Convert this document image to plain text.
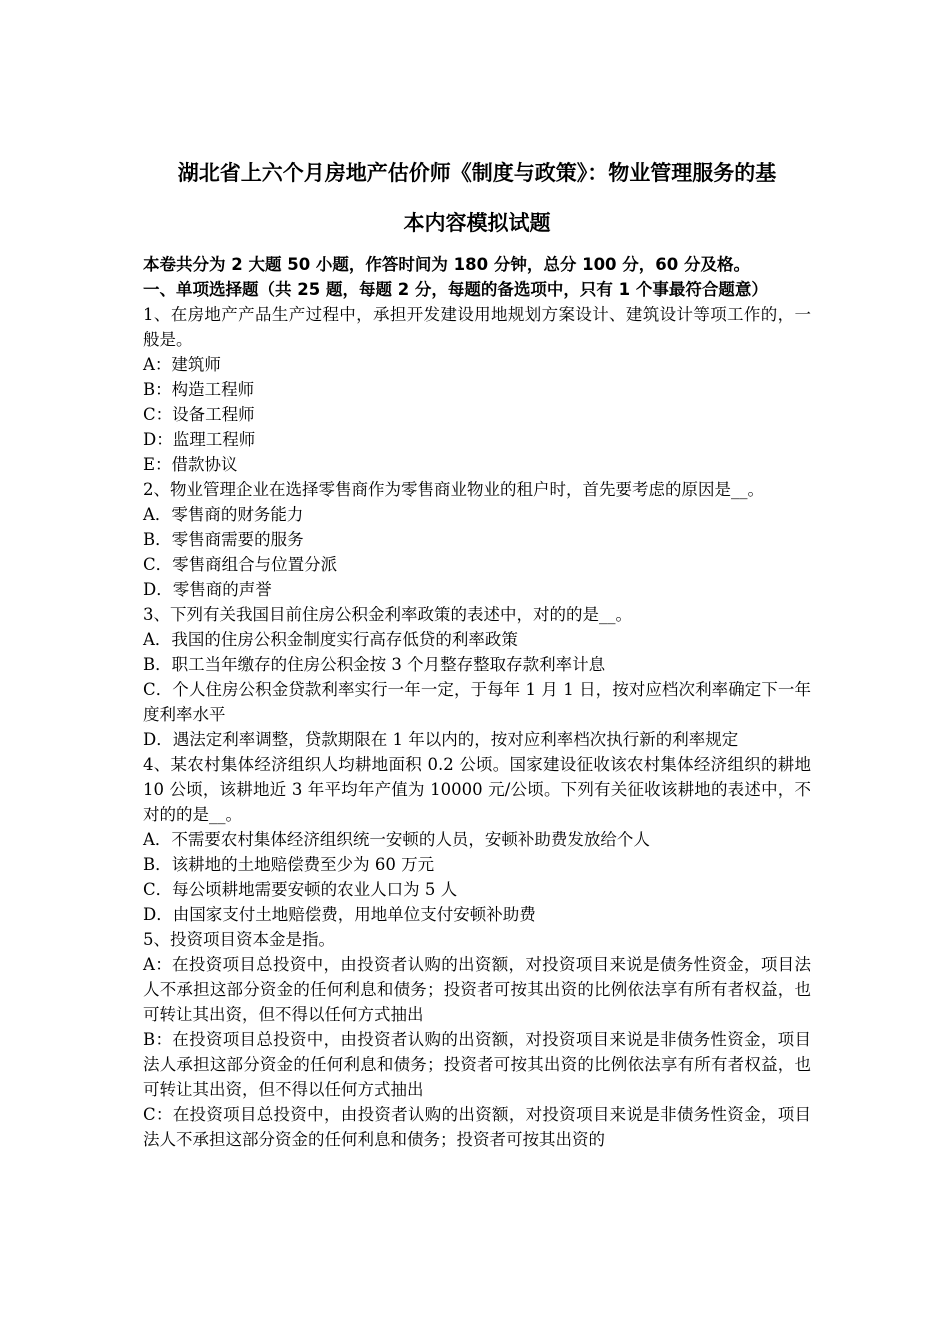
湖北省上六个月房地产估价师《制度与政策》：物业管理服务的基
本内容模拟试题
本卷共分为 2 大题 50 小题，作答时间为 180 分钟，总分 100 分，60 分及格。
一、单项选择题（共 25 题，每题 2 分，每题的备选项中，只有 1 个事最符合题意）
1、在房地产产品生产过程中，承担开发建设用地规划方案设计、建筑设计等项工作的，一般是。
A：建筑师
B：构造工程师
C：设备工程师
D：监理工程师
E：借款协议
2、物业管理企业在选择零售商作为零售商业物业的租户时，首先要考虑的原因是__。
A．零售商的财务能力
B．零售商需要的服务
C．零售商组合与位置分派
D．零售商的声誉
3、下列有关我国目前住房公积金利率政策的表述中，对的的是__。
A．我国的住房公积金制度实行高存低贷的利率政策
B．职工当年缴存的住房公积金按 3 个月整存整取存款利率计息
C．个人住房公积金贷款利率实行一年一定，于每年 1 月 1 日，按对应档次利率确定下一年度利率水平
D．遇法定利率调整，贷款期限在 1 年以内的，按对应利率档次执行新的利率规定
4、某农村集体经济组织人均耕地面积 0.2 公顷。国家建设征收该农村集体经济组织的耕地 10 公顷，该耕地近 3 年平均年产值为 10000 元/公顷。下列有关征收该耕地的表述中，不对的的是__。
A．不需要农村集体经济组织统一安顿的人员，安顿补助费发放给个人
B．该耕地的土地赔偿费至少为 60 万元
C．每公顷耕地需要安顿的农业人口为 5 人
D．由国家支付土地赔偿费，用地单位支付安顿补助费
5、投资项目资本金是指。
A：在投资项目总投资中，由投资者认购的出资额，对投资项目来说是债务性资金，项目法人不承担这部分资金的任何利息和债务；投资者可按其出资的比例依法享有所有者权益，也可转让其出资，但不得以任何方式抽出
B：在投资项目总投资中，由投资者认购的出资额，对投资项目来说是非债务性资金，项目法人承担这部分资金的任何利息和债务；投资者可按其出资的比例依法享有所有者权益，也可转让其出资，但不得以任何方式抽出
C：在投资项目总投资中，由投资者认购的出资额，对投资项目来说是非债务性资金，项目法人不承担这部分资金的任何利息和债务；投资者可按其出资的
